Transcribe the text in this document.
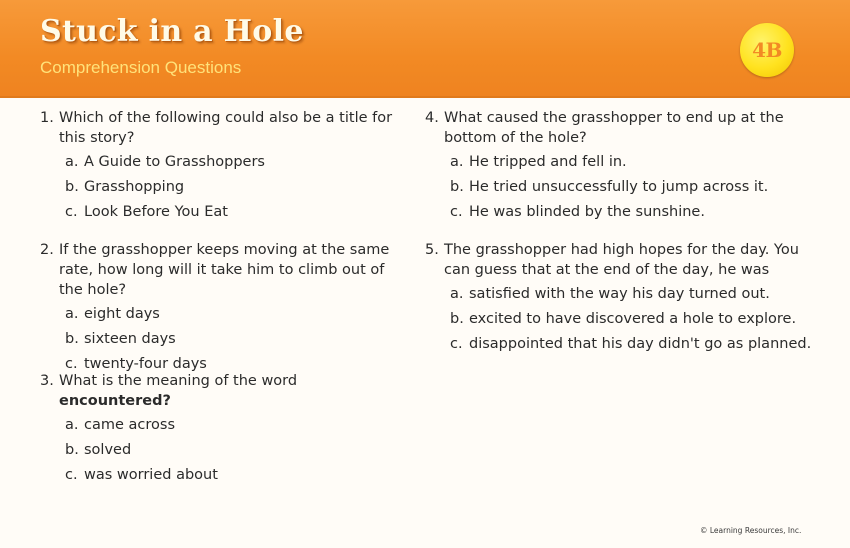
Stuck in a Hole

Comprehension Questions

4B
1. Which of the following could also be a title for this story?
a. A Guide to Grasshoppers
b. Grasshopping
c. Look Before You Eat
2. If the grasshopper keeps moving at the same rate, how long will it take him to climb out of the hole?
a. eight days
b. sixteen days
c. twenty-four days
3. What is the meaning of the word encountered?
a. came across
b. solved
c. was worried about
4. What caused the grasshopper to end up at the bottom of the hole?
a. He tripped and fell in.
b. He tried unsuccessfully to jump across it.
c. He was blinded by the sunshine.
5. The grasshopper had high hopes for the day. You can guess that at the end of the day, he was
a. satisfied with the way his day turned out.
b. excited to have discovered a hole to explore.
c. disappointed that his day didn't go as planned.
© Learning Resources, Inc.
